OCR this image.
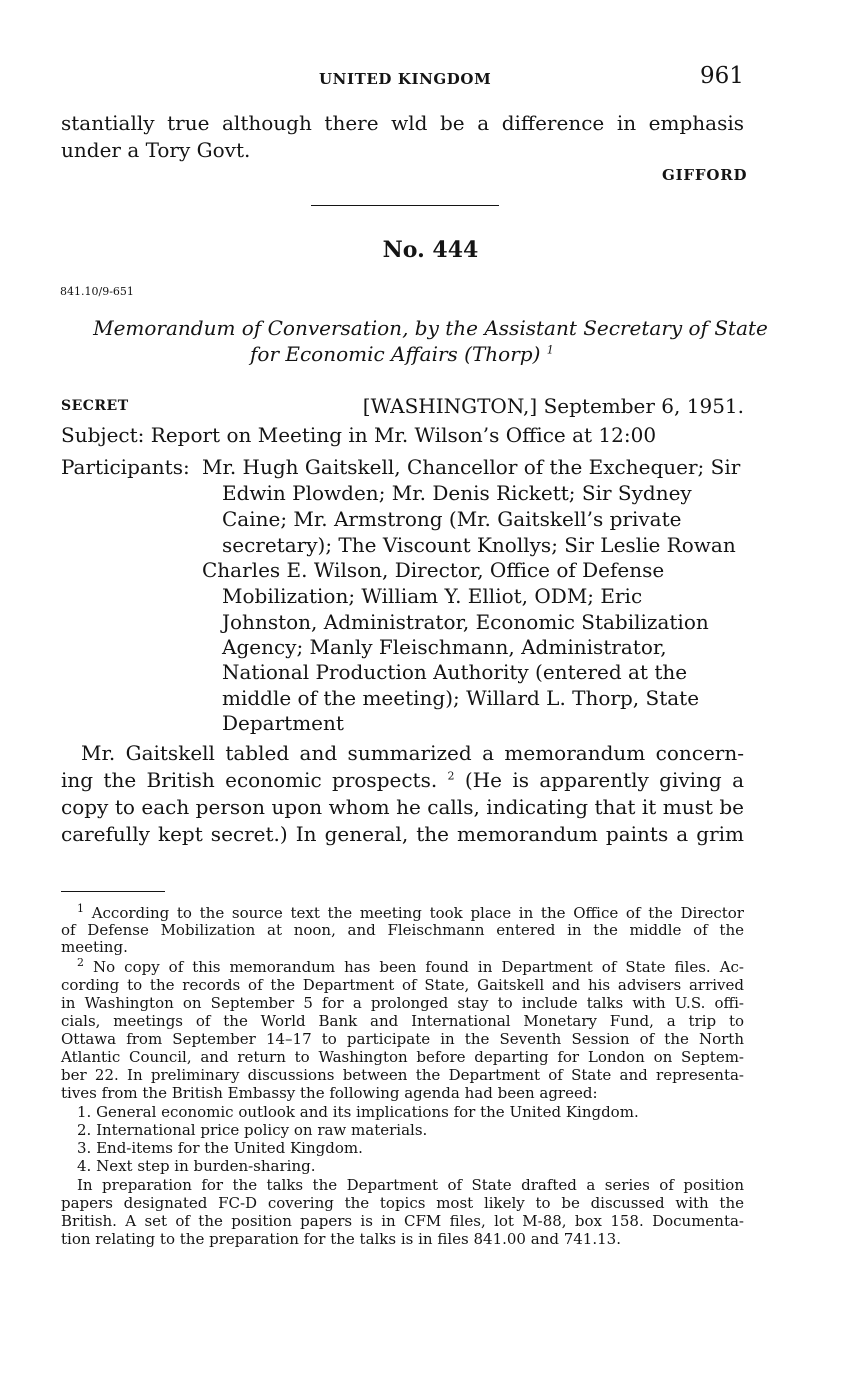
UNITED KINGDOM	961
stantially true although there wld be a difference in emphasis
under a Tory Govt.
GIFFORD
No. 444
841.10/9-651
Memorandum of Conversation, by the Assistant Secretary of State
for Economic Affairs (Thorp) $^1$
SECRET	[WASHINGTON,] September 6, 1951.
Subject: Report on Meeting in Mr. Wilson’s Office at 12:00
Participants: Mr. Hugh Gaitskell, Chancellor of the Exchequer; Sir
Edwin Plowden; Mr. Denis Rickett; Sir Sydney
Caine; Mr. Armstrong (Mr. Gaitskell’s private
secretary); The Viscount Knollys; Sir Leslie Rowan
Charles E. Wilson, Director, Office of Defense
Mobilization; William Y. Elliot, ODM; Eric
Johnston, Administrator, Economic Stabilization
Agency; Manly Fleischmann, Administrator,
National Production Authority (entered at the
middle of the meeting); Willard L. Thorp, State
Department
Mr. Gaitskell tabled and summarized a memorandum concern-
ing the British economic prospects. $^2$ (He is apparently giving a
copy to each person upon whom he calls, indicating that it must be
carefully kept secret.) In general, the memorandum paints a grim
$^1$ According to the source text the meeting took place in the Office of the Director
of Defense Mobilization at noon, and Fleischmann entered in the middle of the
meeting.
$^2$ No copy of this memorandum has been found in Department of State files. Ac-
cording to the records of the Department of State, Gaitskell and his advisers arrived
in Washington on September 5 for a prolonged stay to include talks with U.S. offi-
cials, meetings of the World Bank and International Monetary Fund, a trip to
Ottawa from September 14–17 to participate in the Seventh Session of the North
Atlantic Council, and return to Washington before departing for London on Septem-
ber 22. In preliminary discussions between the Department of State and representa-
tives from the British Embassy the following agenda had been agreed:
1. General economic outlook and its implications for the United Kingdom.
2. International price policy on raw materials.
3. End-items for the United Kingdom.
4. Next step in burden-sharing.
In preparation for the talks the Department of State drafted a series of position
papers designated FC-D covering the topics most likely to be discussed with the
British. A set of the position papers is in CFM files, lot M-88, box 158. Documenta-
tion relating to the preparation for the talks is in files 841.00 and 741.13.
